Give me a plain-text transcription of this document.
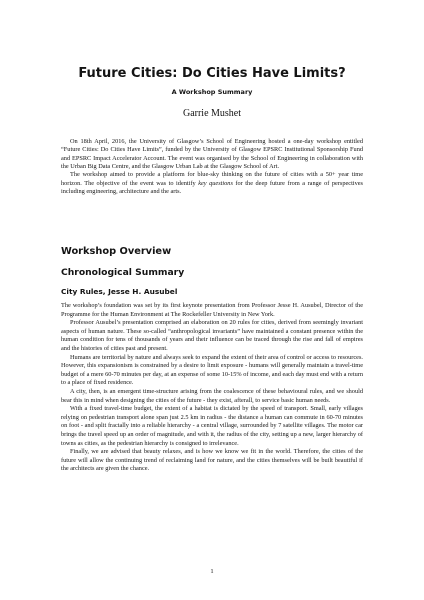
Future Cities: Do Cities Have Limits?
A Workshop Summary
Garrie Mushet

On 18th April, 2016, the University of Glasgow’s School of Engineering hosted a one-day workshop entitled “Future Cities: Do Cities Have Limits”, funded by the University of Glasgow EPSRC Institutional Sponsorship Fund and EPSRC Impact Accelerator Account. The event was organised by the School of Engineering in collaboration with the Urban Big Data Centre, and the Glasgow Urban Lab at the Glasgow School of Art.

The workshop aimed to provide a platform for blue-sky thinking on the future of cities with a 50+ year time horizon. The objective of the event was to identify key questions for the deep future from a range of perspectives including engineering, architecture and the arts.

Workshop Overview
Chronological Summary
City Rules, Jesse H. Ausubel

The workshop’s foundation was set by its first keynote presentation from Professor Jesse H. Ausubel, Director of the Programme for the Human Environment at The Rockefeller University in New York.

Professor Ausubel’s presentation comprised an elaboration on 20 rules for cities, derived from seemingly invariant aspects of human nature. These so-called “anthropological invariants” have maintained a constant presence within the human condition for tens of thousands of years and their influence can be traced through the rise and fall of empires and the histories of cities past and present.

Humans are territorial by nature and always seek to expand the extent of their area of control or access to resources. However, this expansionism is constrained by a desire to limit exposure - humans will generally maintain a travel-time budget of a mere 60-70 minutes per day, at an expense of some 10-15% of income, and each day must end with a return to a place of fixed residence.

A city, then, is an emergent time-structure arising from the coalescence of these behavioural rules, and we should bear this in mind when designing the cities of the future - they exist, afterall, to service basic human needs.

With a fixed travel-time budget, the extent of a habitat is dictated by the speed of transport. Small, early villages relying on pedestrian transport alone span just 2.5 km in radius - the distance a human can commute in 60-70 minutes on foot - and split fractally into a reliable hierarchy - a central village, surrounded by 7 satellite villages. The motor car brings the travel speed up an order of magnitude, and with it, the radius of the city, setting up a new, larger hierarchy of towns as cities, as the pedestrian hierarchy is consigned to irrelevance.

Finally, we are advised that beauty relaxes, and is how we know we fit in the world. Therefore, the cities of the future will allow the continuing trend of reclaiming land for nature, and the cities themselves will be built beautiful if the architects are given the chance.

1
